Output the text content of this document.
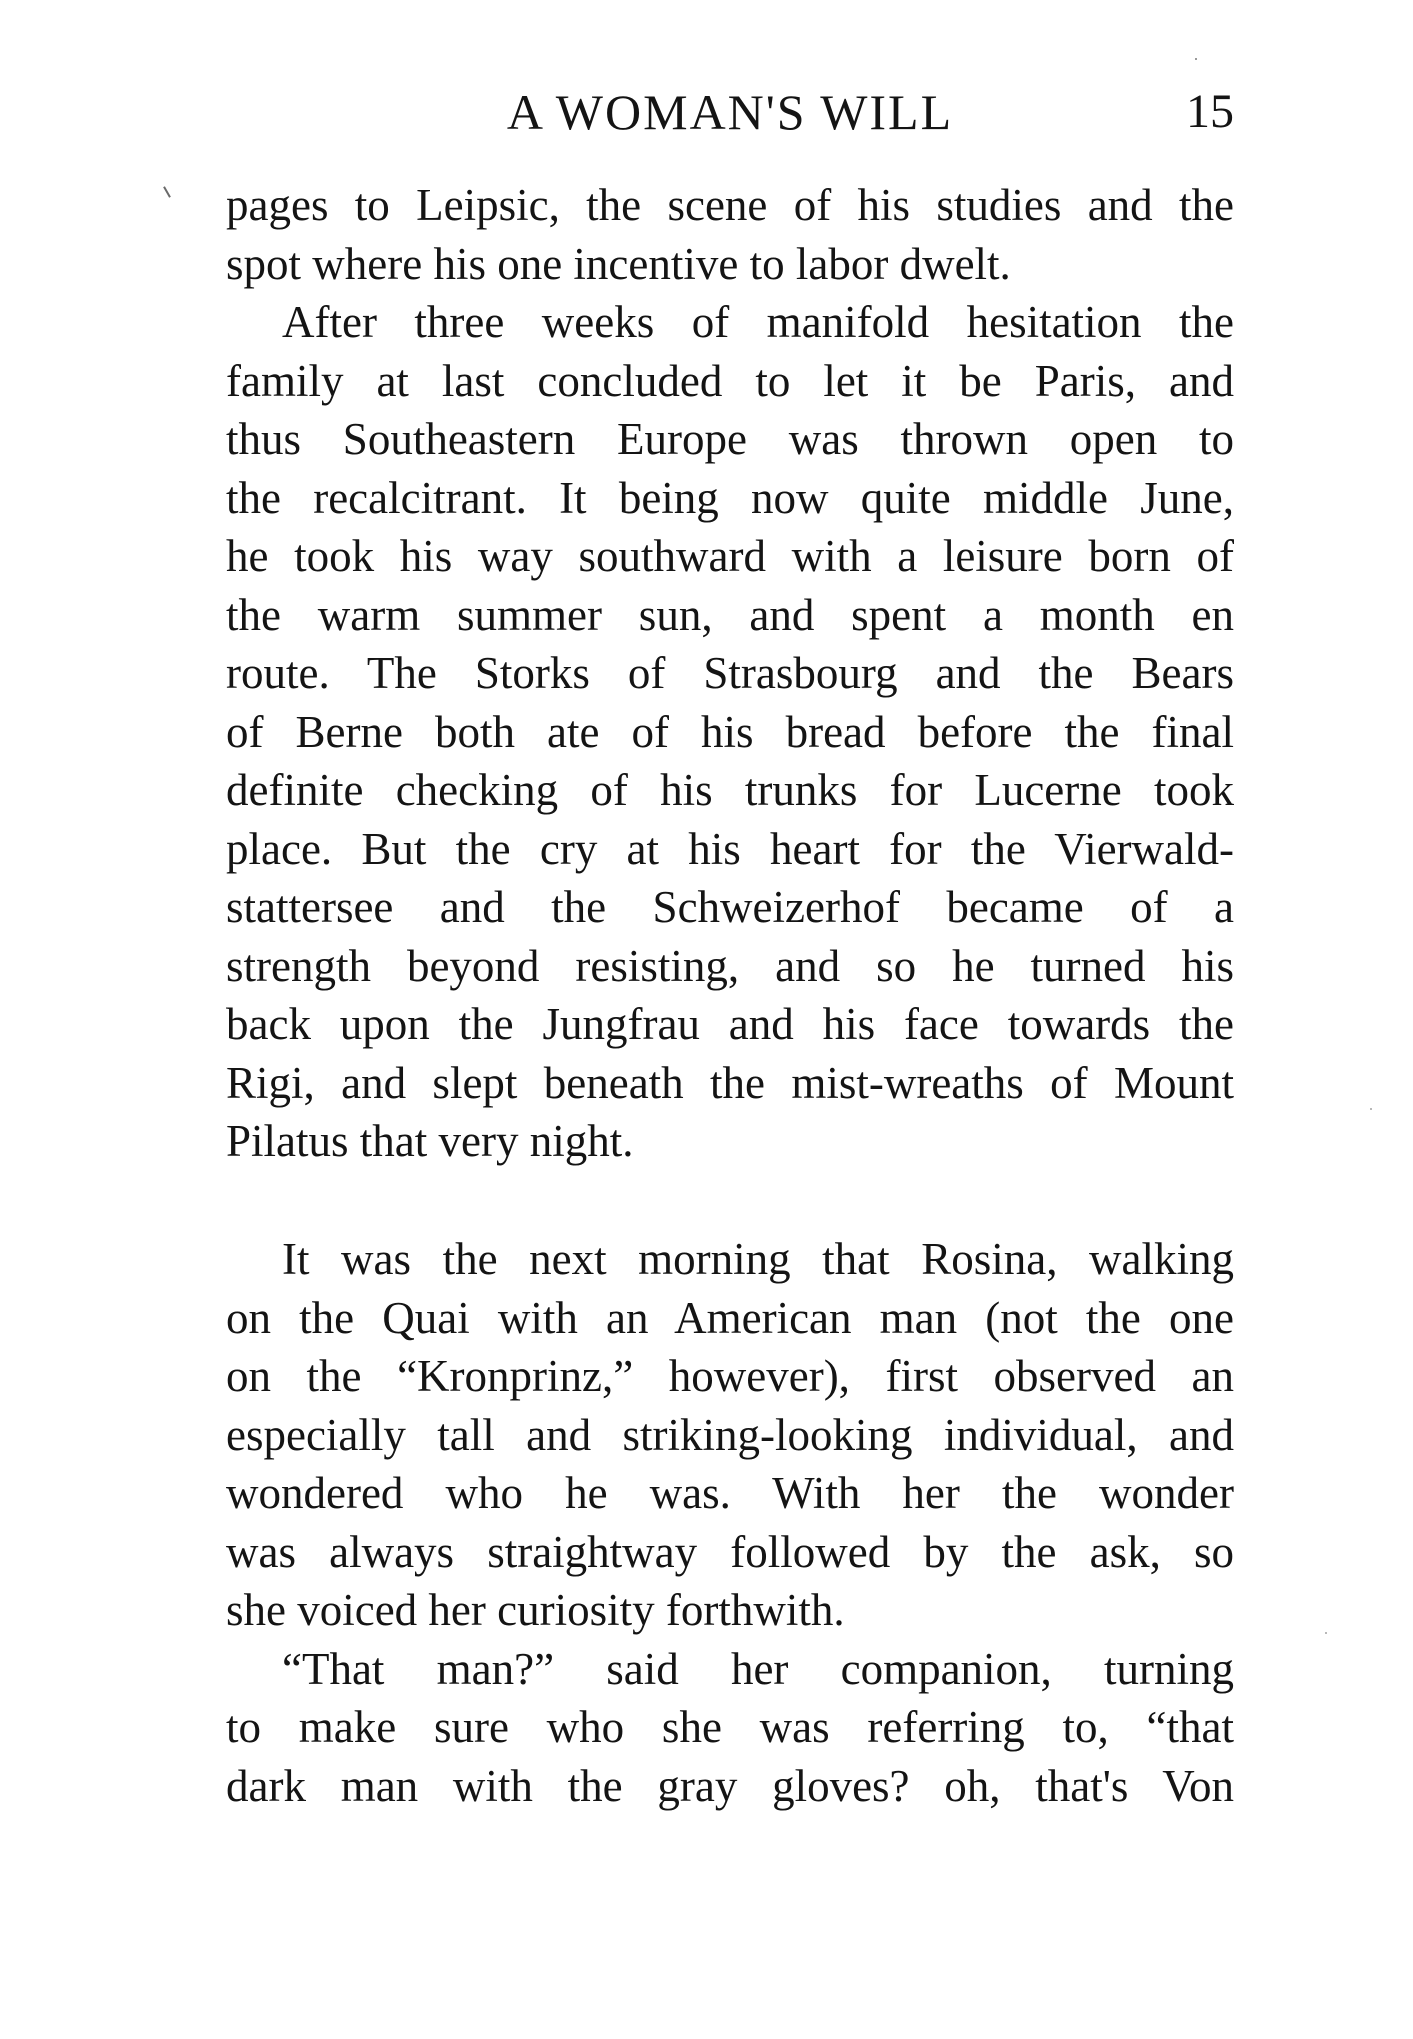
A WOMAN'S WILL	15
pages to Leipsic, the scene of his studies and the
spot where his one incentive to labor dwelt.
After three weeks of manifold hesitation the
family at last concluded to let it be Paris, and
thus Southeastern Europe was thrown open to
the recalcitrant. It being now quite middle June,
he took his way southward with a leisure born of
the warm summer sun, and spent a month en
route. The Storks of Strasbourg and the Bears
of Berne both ate of his bread before the final
definite checking of his trunks for Lucerne took
place. But the cry at his heart for the Vierwald-
stattersee and the Schweizerhof became of a
strength beyond resisting, and so he turned his
back upon the Jungfrau and his face towards the
Rigi, and slept beneath the mist-wreaths of Mount
Pilatus that very night.
It was the next morning that Rosina, walking
on the Quai with an American man (not the one
on the “Kronprinz,” however), first observed an
especially tall and striking-looking individual, and
wondered who he was. With her the wonder
was always straightway followed by the ask, so
she voiced her curiosity forthwith.
“That man?” said her companion, turning
to make sure who she was referring to, “that
dark man with the gray gloves? oh, that's Von
